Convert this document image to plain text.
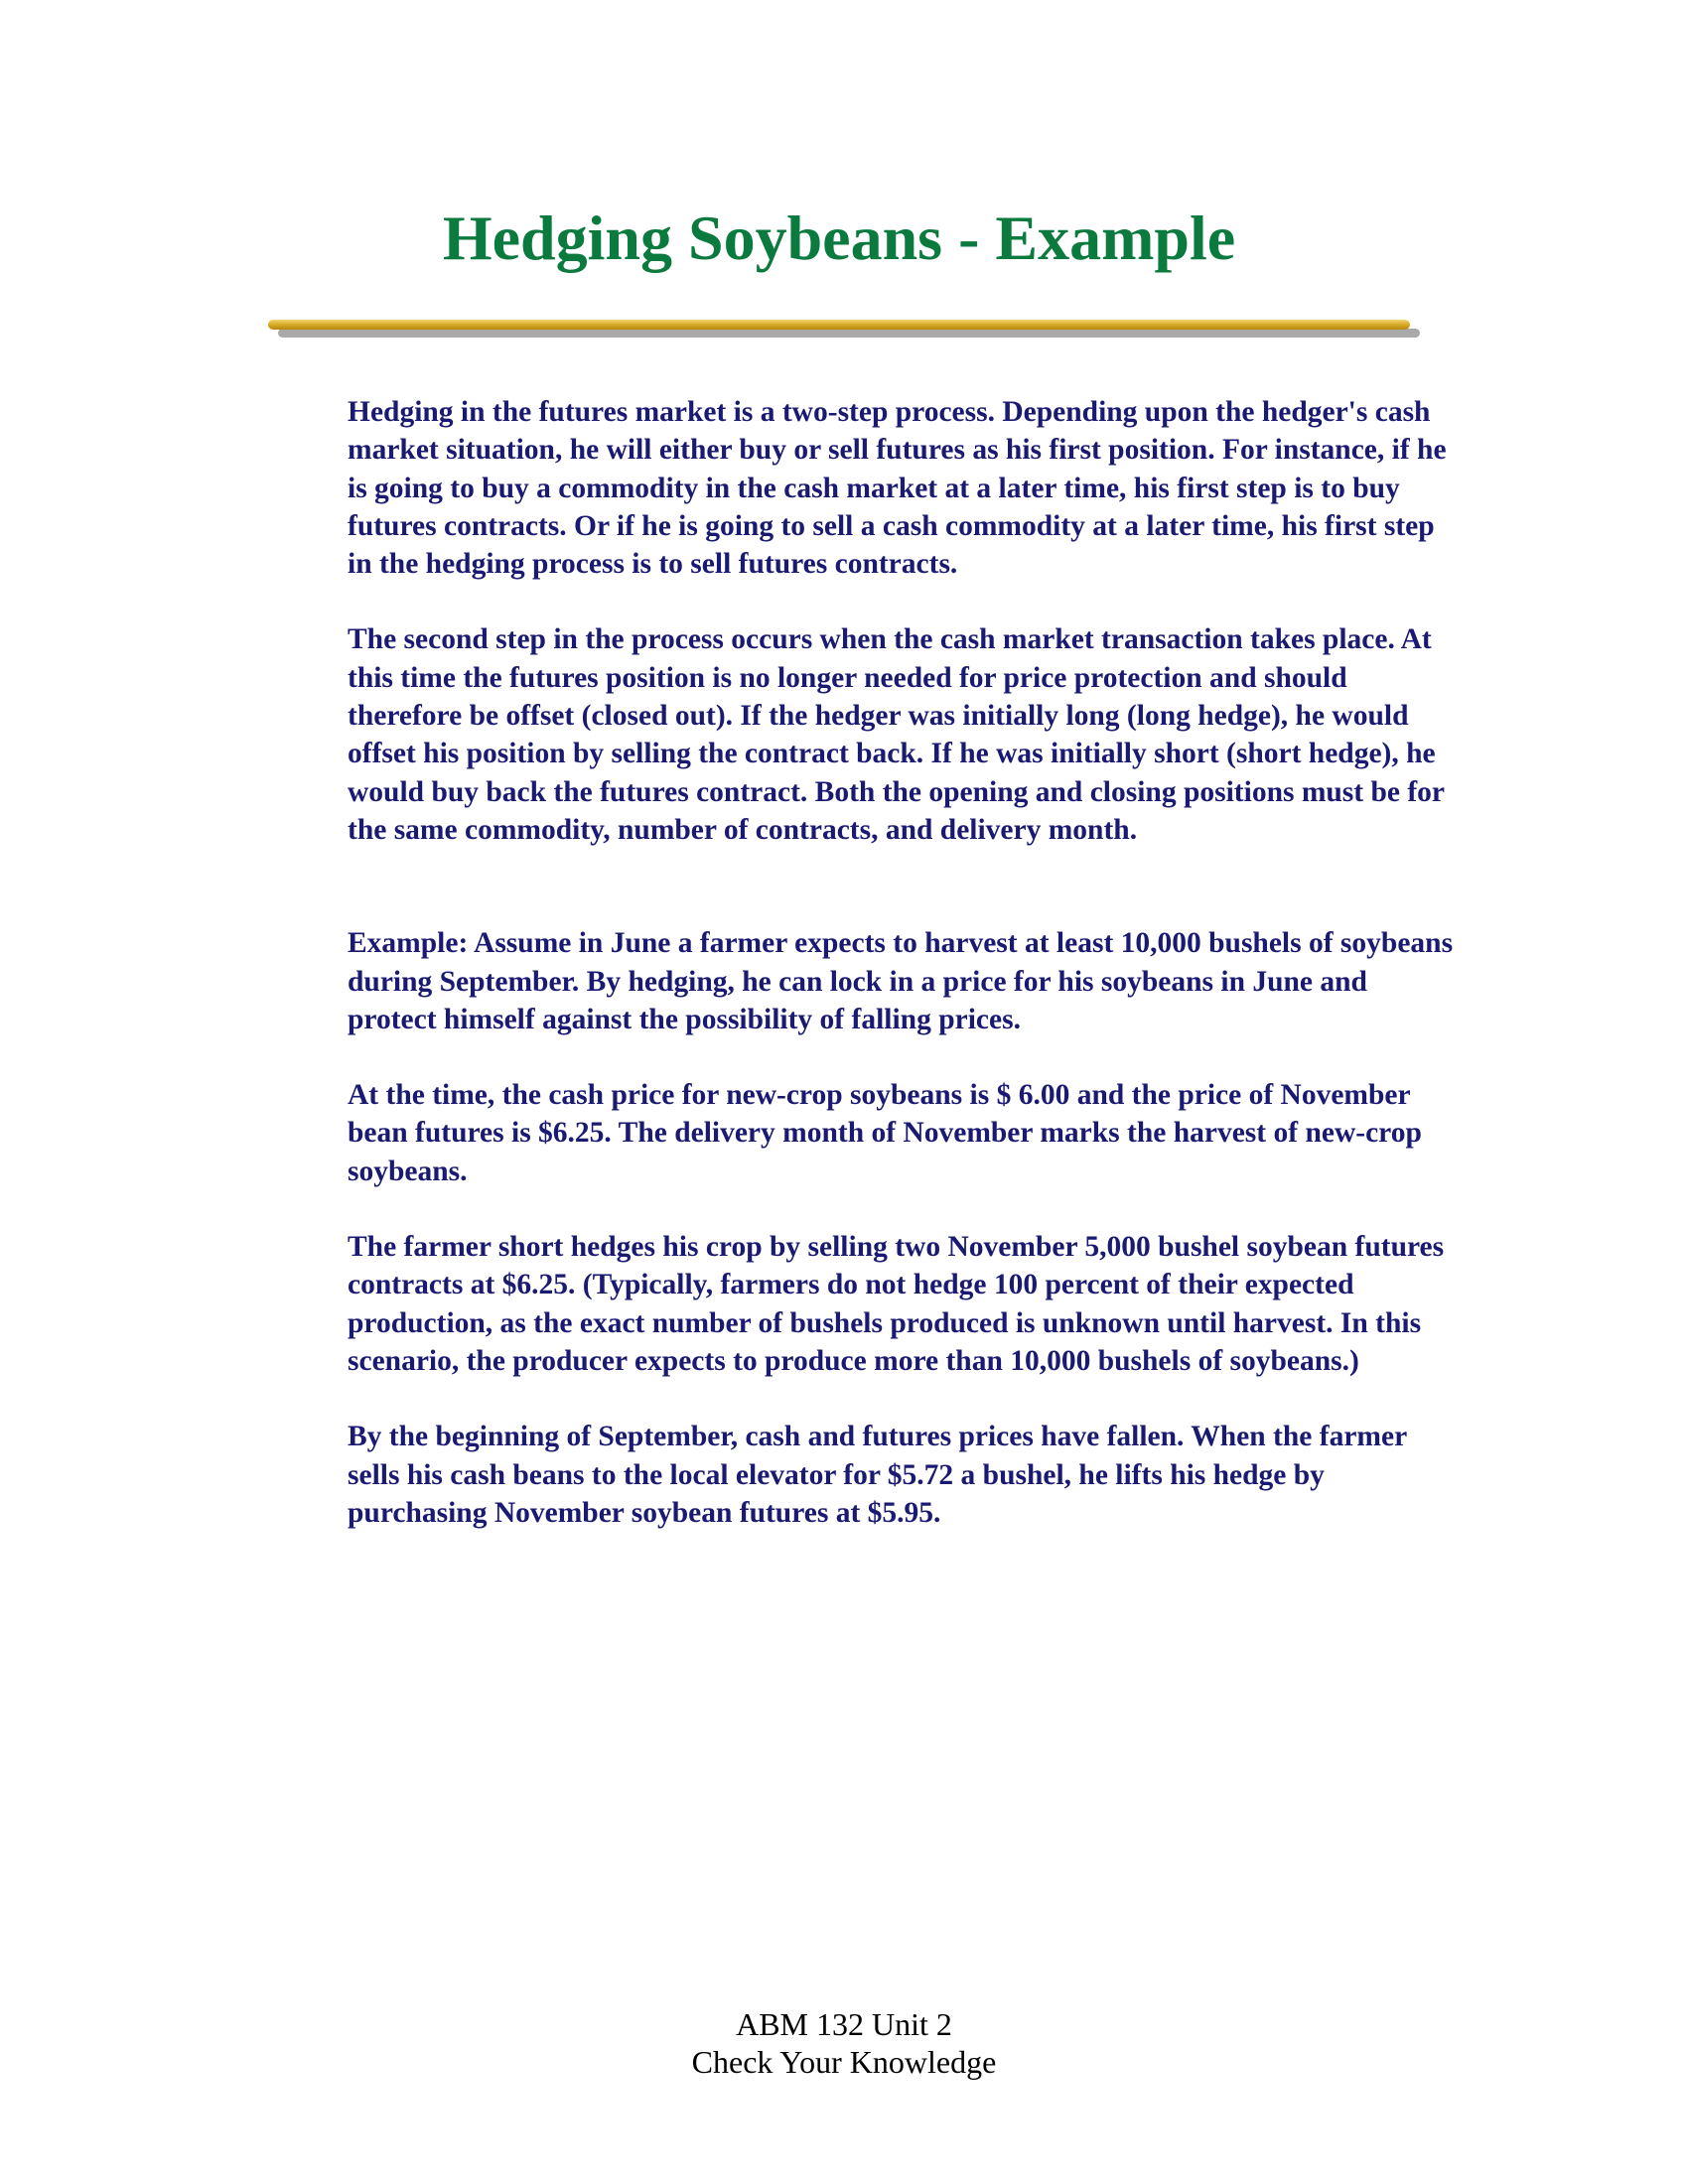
Hedging Soybeans - Example

Hedging in the futures market is a two-step process. Depending upon the hedger's cash market situation, he will either buy or sell futures as his first position. For instance, if he is going to buy a commodity in the cash market at a later time, his first step is to buy futures contracts. Or if he is going to sell a cash commodity at a later time, his first step in the hedging process is to sell futures contracts.

The second step in the process occurs when the cash market transaction takes place. At this time the futures position is no longer needed for price protection and should therefore be offset (closed out). If the hedger was initially long (long hedge), he would offset his position by selling the contract back. If he was initially short (short hedge), he would buy back the futures contract. Both the opening and closing positions must be for the same commodity, number of contracts, and delivery month.

Example: Assume in June a farmer expects to harvest at least 10,000 bushels of soybeans during September. By hedging, he can lock in a price for his soybeans in June and protect himself against the possibility of falling prices.

At the time, the cash price for new-crop soybeans is $ 6.00 and the price of November bean futures is $6.25. The delivery month of November marks the harvest of new-crop soybeans.

The farmer short hedges his crop by selling two November 5,000 bushel soybean futures contracts at $6.25. (Typically, farmers do not hedge 100 percent of their expected production, as the exact number of bushels produced is unknown until harvest. In this scenario, the producer expects to produce more than 10,000 bushels of soybeans.)

By the beginning of September, cash and futures prices have fallen. When the farmer sells his cash beans to the local elevator for $5.72 a bushel, he lifts his hedge by purchasing November soybean futures at $5.95.

ABM 132 Unit 2
Check Your Knowledge
